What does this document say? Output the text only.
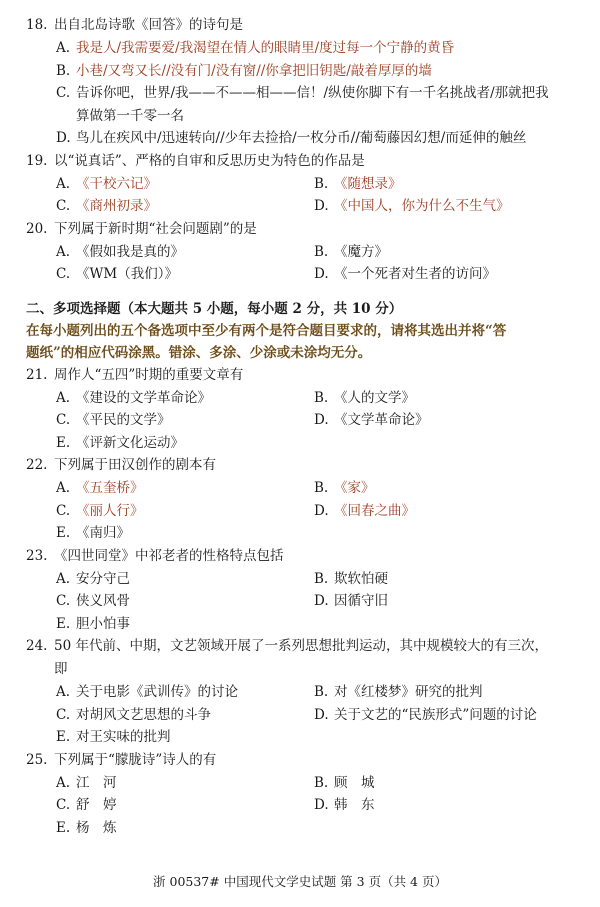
18. 出自北岛诗歌《回答》的诗句是
A. 我是人/我需要爱/我渴望在情人的眼睛里/度过每一个宁静的黄昏
B. 小巷/又弯又长//没有门/没有窗//你拿把旧钥匙/敲着厚厚的墙
C. 告诉你吧，世界/我——不——相——信！/纵使你脚下有一千名挑战者/那就把我
算做第一千零一名
D. 鸟儿在疾风中/迅速转向//少年去捡拾/一枚分币//葡萄藤因幻想/而延伸的触丝
19. 以“说真话”、严格的自审和反思历史为特色的作品是
A. 《干校六记》	B. 《随想录》
C. 《商州初录》	D. 《中国人，你为什么不生气》
20. 下列属于新时期“社会问题剧”的是
A. 《假如我是真的》	B. 《魔方》
C. 《WM（我们）》	D. 《一个死者对生者的访问》
二、多项选择题（本大题共 5 小题，每小题 2 分，共 10 分）
在每小题列出的五个备选项中至少有两个是符合题目要求的，请将其选出并将“答
题纸”的相应代码涂黑。错涂、多涂、少涂或未涂均无分。
21. 周作人“五四”时期的重要文章有
A. 《建设的文学革命论》	B. 《人的文学》
C. 《平民的文学》	D. 《文学革命论》
E. 《评新文化运动》
22. 下列属于田汉创作的剧本有
A. 《五奎桥》	B. 《家》
C. 《丽人行》	D. 《回春之曲》
E. 《南归》
23. 《四世同堂》中祁老者的性格特点包括
A. 安分守己	B. 欺软怕硬
C. 侠义风骨	D. 因循守旧
E. 胆小怕事
24. 50 年代前、中期，文艺领域开展了一系列思想批判运动，其中规模较大的有三次，
即
A. 关于电影《武训传》的讨论	B. 对《红楼梦》研究的批判
C. 对胡风文艺思想的斗争	D. 关于文艺的“民族形式”问题的讨论
E. 对王实味的批判
25. 下列属于“朦胧诗”诗人的有
A. 江　河	B. 顾　城
C. 舒　婷	D. 韩　东
E. 杨　炼
浙 00537# 中国现代文学史试题 第 3 页（共 4 页）
